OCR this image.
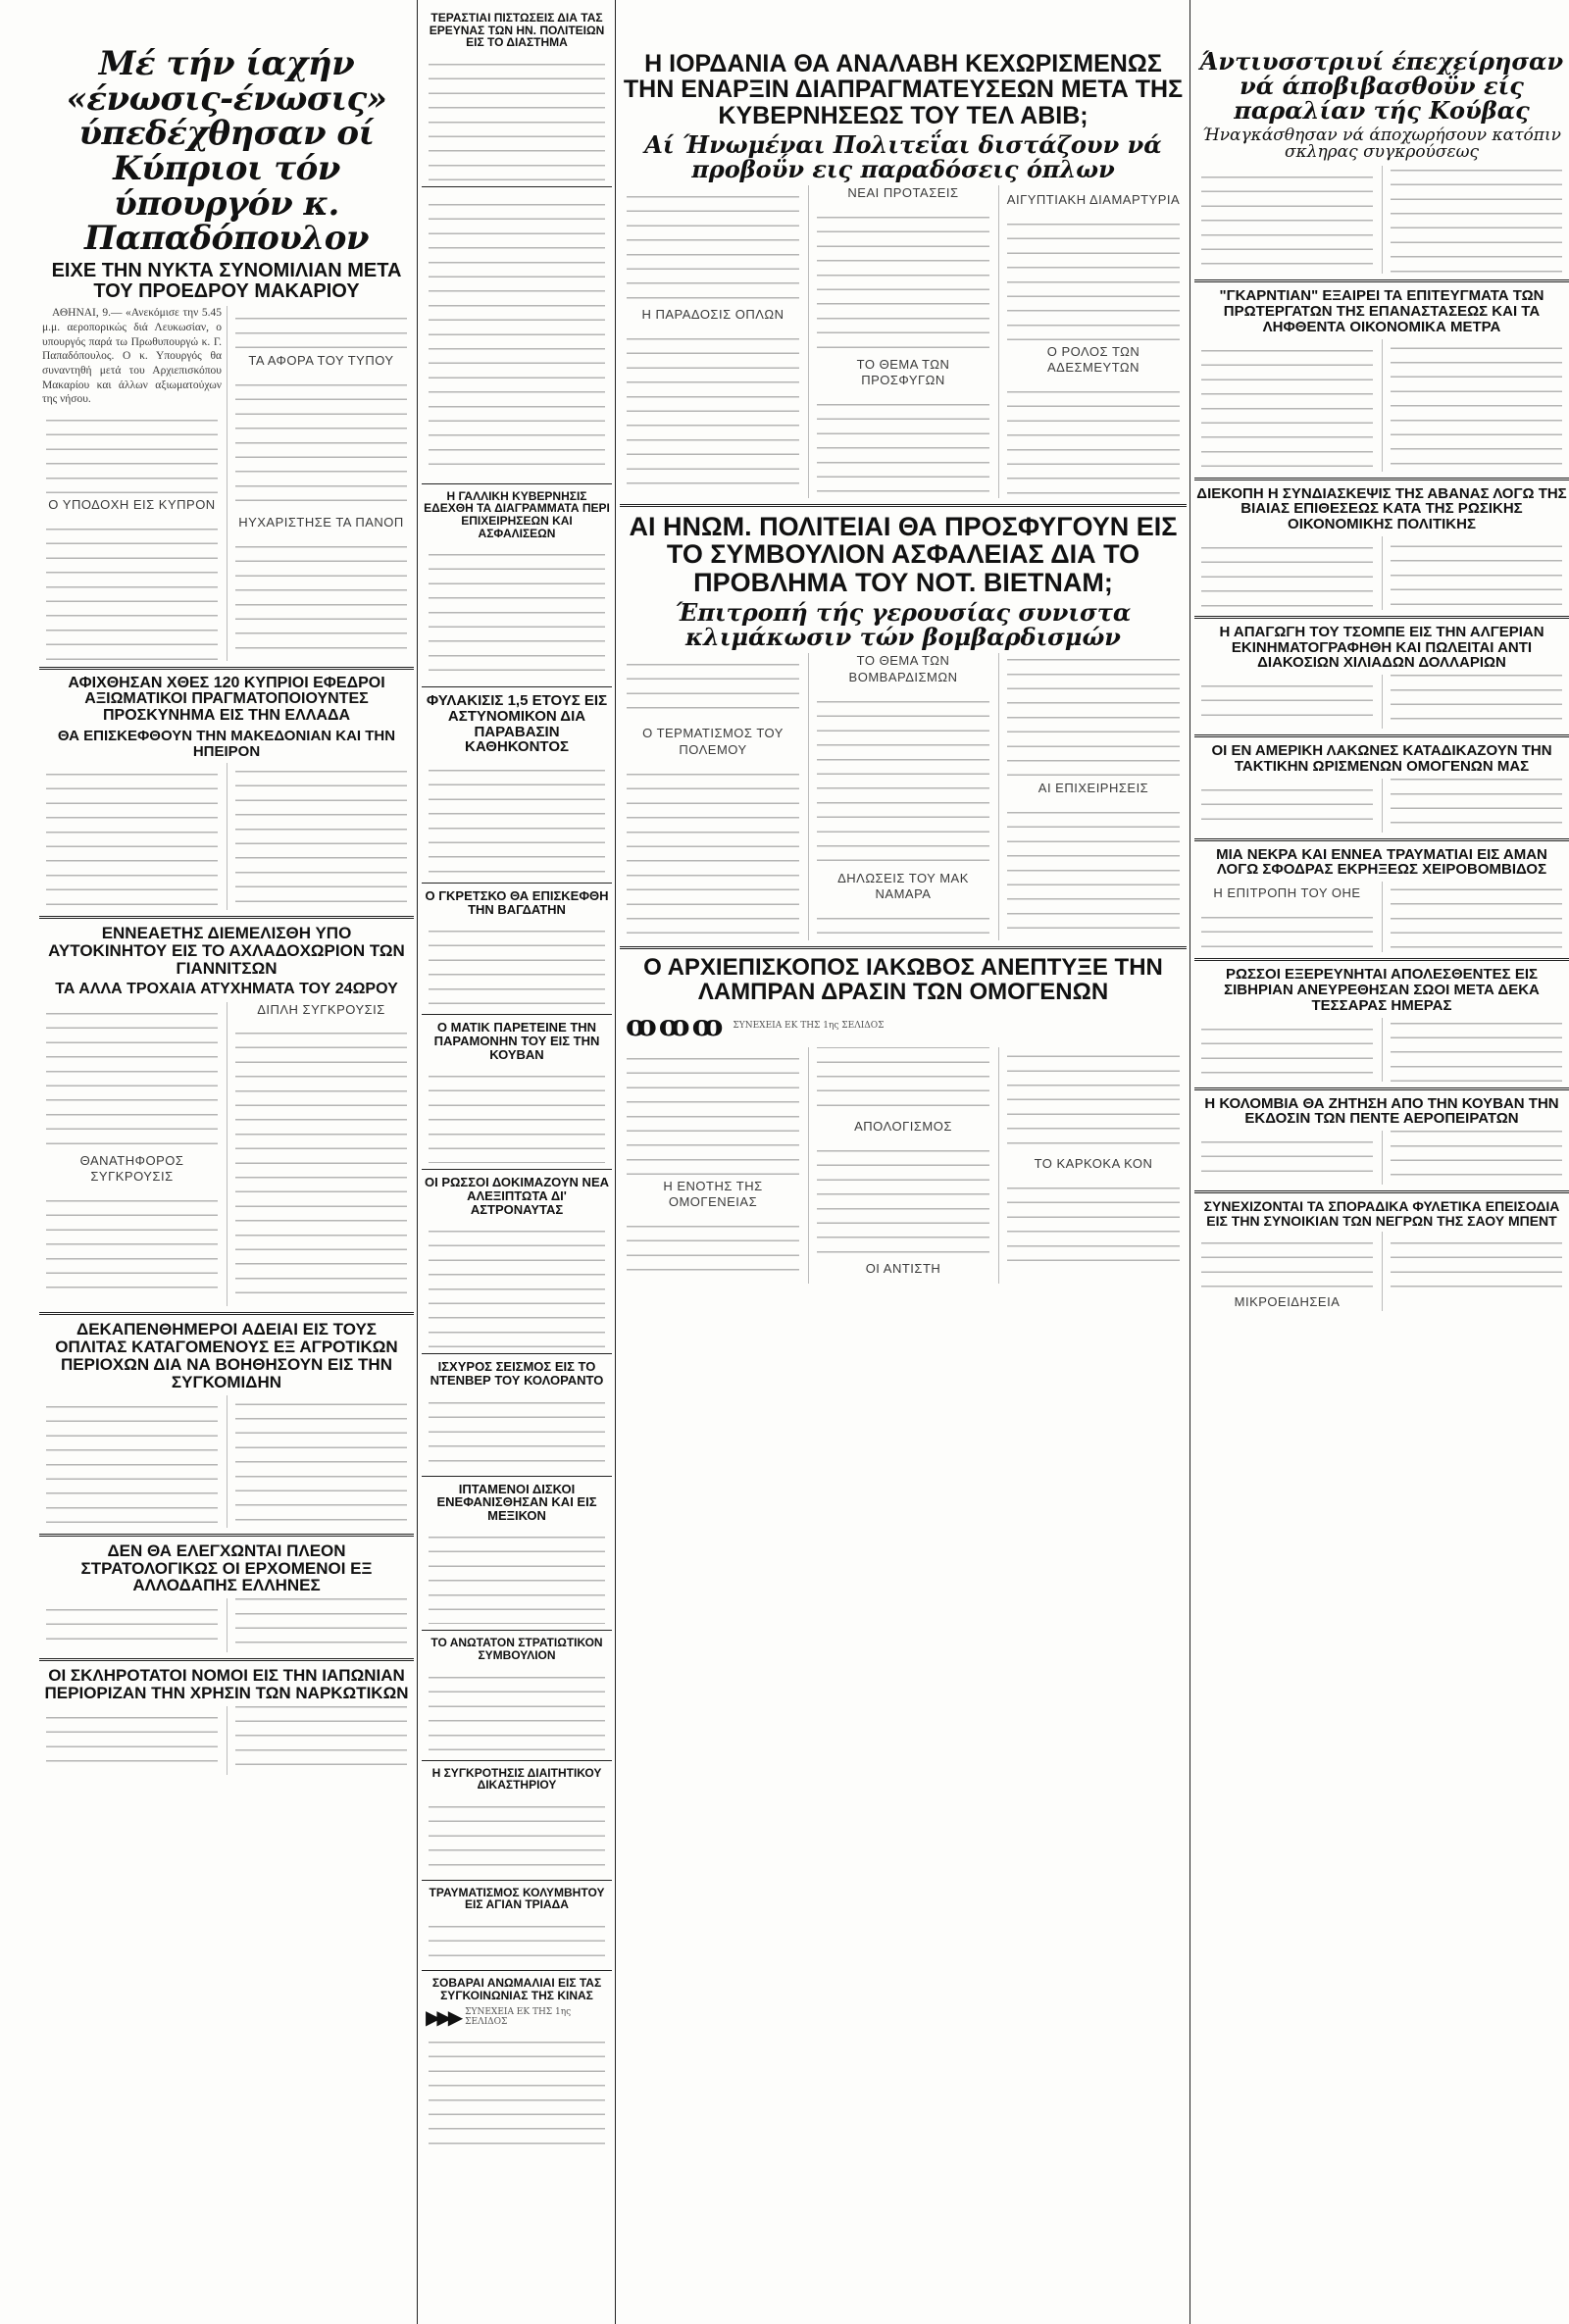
Μέ τήν ίαχήν «ένωσις-ένωσις» ύπεδέχθησαν οί Κύπριοι τόν ύπουργόν κ. Παπαδόπουλον
ΕΙΧΕ ΤΗΝ ΝΥΚΤΑ ΣΥΝΟΜΙΛΙΑΝ ΜΕΤΑ ΤΟΥ ΠΡΟΕΔΡΟΥ ΜΑΚΑΡΙΟΥ

ΑΘΗΝΑΙ, 9.— «Ανεκόμισε την 5.45 μ.μ. αεροπορικώς διά Λευκωσίαν, ο υπουργός παρά τω Πρωθυπουργώ κ. Γ. Παπαδόπουλος. Ο κ. Υπουργός θα συναντηθή μετά του Αρχιεπισκόπου Μακαρίου και άλλων αξιωματούχων της νήσου.

Ο ΥΠΟΔΟΧΗ ΕΙΣ ΚΥΠΡΟΝ
ΤΑ ΑΦΟΡΑ ΤΟΥ ΤΥΠΟΥ
ΗΥΧΑΡΙΣΤΗΣΕ ΤΑ ΠΑΝΟΠ
ΑΦΙΧΘΗΣΑΝ ΧΘΕΣ 120 ΚΥΠΡΙΟΙ ΕΦΕΔΡΟΙ ΑΞΙΩΜΑΤΙΚΟΙ ΠΡΑΓΜΑΤΟΠΟΙΟΥΝΤΕΣ ΠΡΟΣΚΥΝΗΜΑ ΕΙΣ ΤΗΝ ΕΛΛΑΔΑ
ΘΑ ΕΠΙΣΚΕΦΘΟΥΝ ΤΗΝ ΜΑΚΕΔΟΝΙΑΝ ΚΑΙ ΤΗΝ ΗΠΕΙΡΟΝ
ΕΝΝΕΑΕΤΗΣ ΔΙΕΜΕΛΙΣΘΗ ΥΠΟ ΑΥΤΟΚΙΝΗΤΟΥ ΕΙΣ ΤΟ ΑΧΛΑΔΟΧΩΡΙΟΝ ΤΩΝ ΓΙΑΝΝΙΤΣΩΝ
ΤΑ ΑΛΛΑ ΤΡΟΧΑΙΑ ΑΤΥΧΗΜΑΤΑ ΤΟΥ 24ΩΡΟΥ
ΘΑΝΑΤΗΦΟΡΟΣ ΣΥΓΚΡΟΥΣΙΣ
ΔΙΠΛΗ ΣΥΓΚΡΟΥΣΙΣ
ΔΕΚΑΠΕΝΘΗΜΕΡΟΙ ΑΔΕΙΑΙ ΕΙΣ ΤΟΥΣ ΟΠΛΙΤΑΣ ΚΑΤΑΓΟΜΕΝΟΥΣ ΕΞ ΑΓΡΟΤΙΚΩΝ ΠΕΡΙΟΧΩΝ ΔΙΑ ΝΑ ΒΟΗΘΗΣΟΥΝ ΕΙΣ ΤΗΝ ΣΥΓΚΟΜΙΔΗΝ
ΔΕΝ ΘΑ ΕΛΕΓΧΩΝΤΑΙ ΠΛΕΟΝ ΣΤΡΑΤΟΛΟΓΙΚΩΣ ΟΙ ΕΡΧΟΜΕΝΟΙ ΕΞ ΑΛΛΟΔΑΠΗΣ ΕΛΛΗΝΕΣ
ΟΙ ΣΚΛΗΡΟΤΑΤΟΙ ΝΟΜΟΙ ΕΙΣ ΤΗΝ ΙΑΠΩΝΙΑΝ ΠΕΡΙΟΡΙΖΑΝ ΤΗΝ ΧΡΗΣΙΝ ΤΩΝ ΝΑΡΚΩΤΙΚΩΝ
ΤΕΡΑΣΤΙΑΙ ΠΙΣΤΩΣΕΙΣ ΔΙΑ ΤΑΣ ΕΡΕΥΝΑΣ ΤΩΝ ΗΝ. ΠΟΛΙΤΕΙΩΝ ΕΙΣ ΤΟ ΔΙΑΣΤΗΜΑ
Η ΓΑΛΛΙΚΗ ΚΥΒΕΡΝΗΣΙΣ ΕΔΕΧΘΗ ΤΑ ΔΙΑΓΡΑΜΜΑΤΑ ΠΕΡΙ ΕΠΙΧΕΙΡΗΣΕΩΝ ΚΑΙ ΑΣΦΑΛΙΣΕΩΝ
ΦΥΛΑΚΙΣΙΣ 1,5 ΕΤΟΥΣ ΕΙΣ ΑΣΤΥΝΟΜΙΚΟΝ ΔΙΑ ΠΑΡΑΒΑΣΙΝ ΚΑΘΗΚΟΝΤΟΣ
Ο ΓΚΡΕΤΣΚΟ ΘΑ ΕΠΙΣΚΕΦΘΗ ΤΗΝ ΒΑΓΔΑΤΗΝ
Ο ΜΑΤΙΚ ΠΑΡΕΤΕΙΝΕ ΤΗΝ ΠΑΡΑΜΟΝΗΝ ΤΟΥ ΕΙΣ ΤΗΝ ΚΟΥΒΑΝ
ΟΙ ΡΩΣΣΟΙ ΔΟΚΙΜΑΖΟΥΝ ΝΕΑ ΑΛΕΞΙΠΤΩΤΑ ΔΙ' ΑΣΤΡΟΝΑΥΤΑΣ
ΙΣΧΥΡΟΣ ΣΕΙΣΜΟΣ ΕΙΣ ΤΟ ΝΤΕΝΒΕΡ ΤΟΥ ΚΟΛΟΡΑΝΤΟ
ΙΠΤΑΜΕΝΟΙ ΔΙΣΚΟΙ ΕΝΕΦΑΝΙΣΘΗΣΑΝ ΚΑΙ ΕΙΣ ΜΕΞΙΚΟΝ
ΤΟ ΑΝΩΤΑΤΟΝ ΣΤΡΑΤΙΩΤΙΚΟΝ ΣΥΜΒΟΥΛΙΟΝ
Η ΣΥΓΚΡΟΤΗΣΙΣ ΔΙΑΙΤΗΤΙΚΟΥ ΔΙΚΑΣΤΗΡΙΟΥ
ΤΡΑΥΜΑΤΙΣΜΟΣ ΚΟΛΥΜΒΗΤΟΥ ΕΙΣ ΑΓΙΑΝ ΤΡΙΑΔΑ
ΣΟΒΑΡΑΙ ΑΝΩΜΑΛΙΑΙ ΕΙΣ ΤΑΣ ΣΥΓΚΟΙΝΩΝΙΑΣ ΤΗΣ ΚΙΝΑΣ
▶▶▶ ΣΥΝΕΧΕΙΑ ΕΚ ΤΗΣ 1ης ΣΕΛΙΔΟΣ
Η ΙΟΡΔΑΝΙΑ ΘΑ ΑΝΑΛΑΒΗ ΚΕΧΩΡΙΣΜΕΝΩΣ ΤΗΝ ΕΝΑΡΞΙΝ ΔΙΑΠΡΑΓΜΑΤΕΥΣΕΩΝ ΜΕΤΑ ΤΗΣ ΚΥΒΕΡΝΗΣΕΩΣ ΤΟΥ ΤΕΛ ΑΒΙΒ;
Αί Ήνωμέναι Πολιτεΐαι διστάζουν νά προβοΰν εις παραδόσεις όπλων
Η ΠΑΡΑΔΟΣΙΣ ΟΠΛΩΝ
ΝΕΑΙ ΠΡΟΤΑΣΕΙΣ
ΤΟ ΘΕΜΑ ΤΩΝ ΠΡΟΣΦΥΓΩΝ
ΑΙΓΥΠΤΙΑΚΗ ΔΙΑΜΑΡΤΥΡΙΑ
Ο ΡΟΛΟΣ ΤΩΝ ΑΔΕΣΜΕΥΤΩΝ
ΑΙ ΗΝΩΜ. ΠΟΛΙΤΕΙΑΙ ΘΑ ΠΡΟΣΦΥΓΟΥΝ ΕΙΣ ΤΟ ΣΥΜΒΟΥΛΙΟΝ ΑΣΦΑΛΕΙΑΣ ΔΙΑ ΤΟ ΠΡΟΒΛΗΜΑ ΤΟΥ ΝΟΤ. ΒΙΕΤΝΑΜ;
Έπιτροπή τής γερουσίας συνιστα κλιμάκωσιν τών βομβαρδισμών
Ο ΤΕΡΜΑΤΙΣΜΟΣ ΤΟΥ ΠΟΛΕΜΟΥ
ΤΟ ΘΕΜΑ ΤΩΝ ΒΟΜΒΑΡΔΙΣΜΩΝ
ΔΗΛΩΣΕΙΣ ΤΟΥ ΜΑΚ ΝΑΜΑΡΑ
ΑΙ ΕΠΙΧΕΙΡΗΣΕΙΣ
Ο ΑΡΧΙΕΠΙΣΚΟΠΟΣ ΙΑΚΩΒΟΣ ΑΝΕΠΤΥΞΕ ΤΗΝ ΛΑΜΠΡΑΝ ΔΡΑΣΙΝ ΤΩΝ ΟΜΟΓΕΝΩΝ
ꝏꝏꝏ ΣΥΝΕΧΕΙΑ ΕΚ ΤΗΣ 1ης ΣΕΛΙΔΟΣ
Η ΕΝΟΤΗΣ ΤΗΣ ΟΜΟΓΕΝΕΙΑΣ
ΑΠΟΛΟΓΙΣΜΟΣ
ΟΙ ΑΝΤΙΣΤΗ
ΤΟ ΚΑΡΚΟΚΑ ΚΟΝ
Άντιυσστριυί έπεχείρησαν νά άποβιβασθοΰν είς παραλίαν τής Κούβας
Ήναγκάσθησαν νά άποχωρήσουν κατόπιν σκληρας συγκρούσεως
"ΓΚΑΡΝΤΙΑΝ" ΕΞΑΙΡΕΙ ΤΑ ΕΠΙΤΕΥΓΜΑΤΑ ΤΩΝ ΠΡΩΤΕΡΓΑΤΩΝ ΤΗΣ ΕΠΑΝΑΣΤΑΣΕΩΣ ΚΑΙ ΤΑ ΛΗΦΘΕΝΤΑ ΟΙΚΟΝΟΜΙΚΑ ΜΕΤΡΑ
ΔΙΕΚΟΠΗ Η ΣΥΝΔΙΑΣΚΕΨΙΣ ΤΗΣ ΑΒΑΝΑΣ ΛΟΓΩ ΤΗΣ ΒΙΑΙΑΣ ΕΠΙΘΕΣΕΩΣ ΚΑΤΑ ΤΗΣ ΡΩΣΙΚΗΣ ΟΙΚΟΝΟΜΙΚΗΣ ΠΟΛΙΤΙΚΗΣ
Η ΑΠΑΓΩΓΗ ΤΟΥ ΤΣΟΜΠΕ ΕΙΣ ΤΗΝ ΑΛΓΕΡΙΑΝ ΕΚΙΝΗΜΑΤΟΓΡΑΦΗΘΗ ΚΑΙ ΠΩΛΕΙΤΑΙ ΑΝΤΙ ΔΙΑΚΟΣΙΩΝ ΧΙΛΙΑΔΩΝ ΔΟΛΛΑΡΙΩΝ
ΟΙ ΕΝ ΑΜΕΡΙΚΗ ΛΑΚΩΝΕΣ ΚΑΤΑΔΙΚΑΖΟΥΝ ΤΗΝ ΤΑΚΤΙΚΗΝ ΩΡΙΣΜΕΝΩΝ ΟΜΟΓΕΝΩΝ ΜΑΣ
ΜΙΑ ΝΕΚΡΑ ΚΑΙ ΕΝΝΕΑ ΤΡΑΥΜΑΤΙΑΙ ΕΙΣ ΑΜΑΝ ΛΟΓΩ ΣΦΟΔΡΑΣ ΕΚΡΗΞΕΩΣ ΧΕΙΡΟΒΟΜΒΙΔΟΣ
Η ΕΠΙΤΡΟΠΗ ΤΟΥ ΟΗΕ
ΡΩΣΣΟΙ ΕΞΕΡΕΥΝΗΤΑΙ ΑΠΟΛΕΣΘΕΝΤΕΣ ΕΙΣ ΣΙΒΗΡΙΑΝ ΑΝΕΥΡΕΘΗΣΑΝ ΣΩΟΙ ΜΕΤΑ ΔΕΚΑ ΤΕΣΣΑΡΑΣ ΗΜΕΡΑΣ
Η ΚΟΛΟΜΒΙΑ ΘΑ ΖΗΤΗΣΗ ΑΠΟ ΤΗΝ ΚΟΥΒΑΝ ΤΗΝ ΕΚΔΟΣΙΝ ΤΩΝ ΠΕΝΤΕ ΑΕΡΟΠΕΙΡΑΤΩΝ
ΣΥΝΕΧΙΖΟΝΤΑΙ ΤΑ ΣΠΟΡΑΔΙΚΑ ΦΥΛΕΤΙΚΑ ΕΠΕΙΣΟΔΙΑ ΕΙΣ ΤΗΝ ΣΥΝΟΙΚΙΑΝ ΤΩΝ ΝΕΓΡΩΝ ΤΗΣ ΣΑΟΥ ΜΠΕΝΤ
ΜΙΚΡΟΕΙΔΗΣΕΙΑ
